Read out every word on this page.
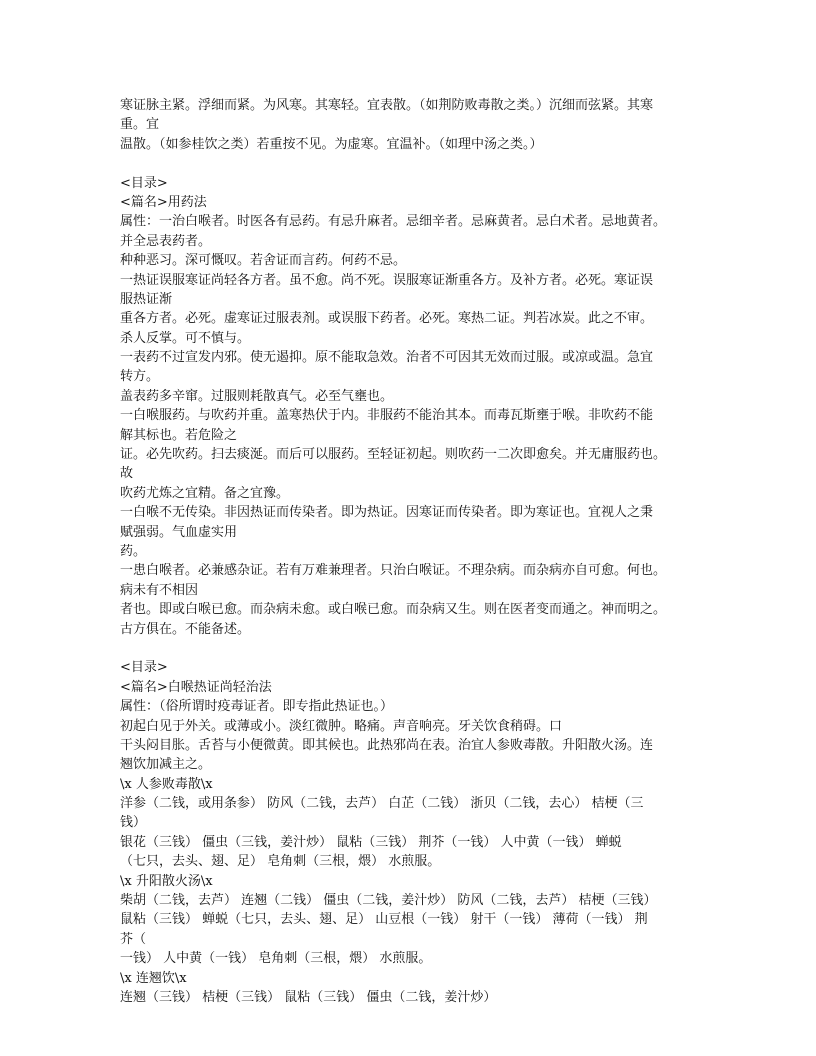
寒证脉主紧。浮细而紧。为风寒。其寒轻。宜表散。（如荆防败毒散之类。）沉细而弦紧。其寒
重。宜
温散。（如参桂饮之类）若重按不见。为虚寒。宜温补。（如理中汤之类。）
<目录>
<篇名>用药法
属性：一治白喉者。时医各有忌药。有忌升麻者。忌细辛者。忌麻黄者。忌白术者。忌地黄者。
并全忌表药者。
种种恶习。深可慨叹。若舍证而言药。何药不忌。
一热证误服寒证尚轻各方者。虽不愈。尚不死。误服寒证渐重各方。及补方者。必死。寒证误
服热证渐
重各方者。必死。虚寒证过服表剂。或误服下药者。必死。寒热二证。判若冰炭。此之不审。
杀人反掌。可不慎与。
一表药不过宣发内邪。使无遏抑。原不能取急效。治者不可因其无效而过服。或凉或温。急宜
转方。
盖表药多辛窜。过服则耗散真气。必至气壅也。
一白喉服药。与吹药并重。盖寒热伏于内。非服药不能治其本。而毒瓦斯壅于喉。非吹药不能
解其标也。若危险之
证。必先吹药。扫去痰涎。而后可以服药。至轻证初起。则吹药一二次即愈矣。并无庸服药也。
故
吹药尤炼之宜精。备之宜豫。
一白喉不无传染。非因热证而传染者。即为热证。因寒证而传染者。即为寒证也。宜视人之秉
赋强弱。气血虚实用
药。
一患白喉者。必兼感杂证。若有万难兼理者。只治白喉证。不理杂病。而杂病亦自可愈。何也。
病未有不相因
者也。即或白喉已愈。而杂病未愈。或白喉已愈。而杂病又生。则在医者变而通之。神而明之。
古方俱在。不能备述。
<目录>
<篇名>白喉热证尚轻治法
属性：（俗所谓时疫毒证者。即专指此热证也。）
初起白见于外关。或薄或小。淡红微肿。略痛。声音响亮。牙关饮食稍碍。口
干头闷目胀。舌苔与小便微黄。即其候也。此热邪尚在表。治宜人参败毒散。升阳散火汤。连
翘饮加减主之。
\x 人参败毒散\x
洋参（二钱，或用条参） 防风（二钱，去芦） 白芷（二钱） 浙贝（二钱，去心） 桔梗（三
钱）
银花（三钱） 僵虫（三钱，姜汁炒） 鼠粘（三钱） 荆芥（一钱） 人中黄（一钱） 蝉蜕
（七只，去头、翅、足） 皂角刺（三根，煨） 水煎服。
\x 升阳散火汤\x
柴胡（二钱，去芦） 连翘（二钱） 僵虫（二钱，姜汁炒） 防风（二钱，去芦） 桔梗（三钱）
鼠粘（三钱） 蝉蜕（七只，去头、翅、足） 山豆根（一钱） 射干（一钱） 薄荷（一钱） 荆
芥（
一钱） 人中黄（一钱） 皂角刺（三根，煨） 水煎服。
\x 连翘饮\x
连翘（三钱） 桔梗（三钱） 鼠粘（三钱） 僵虫（二钱，姜汁炒）
